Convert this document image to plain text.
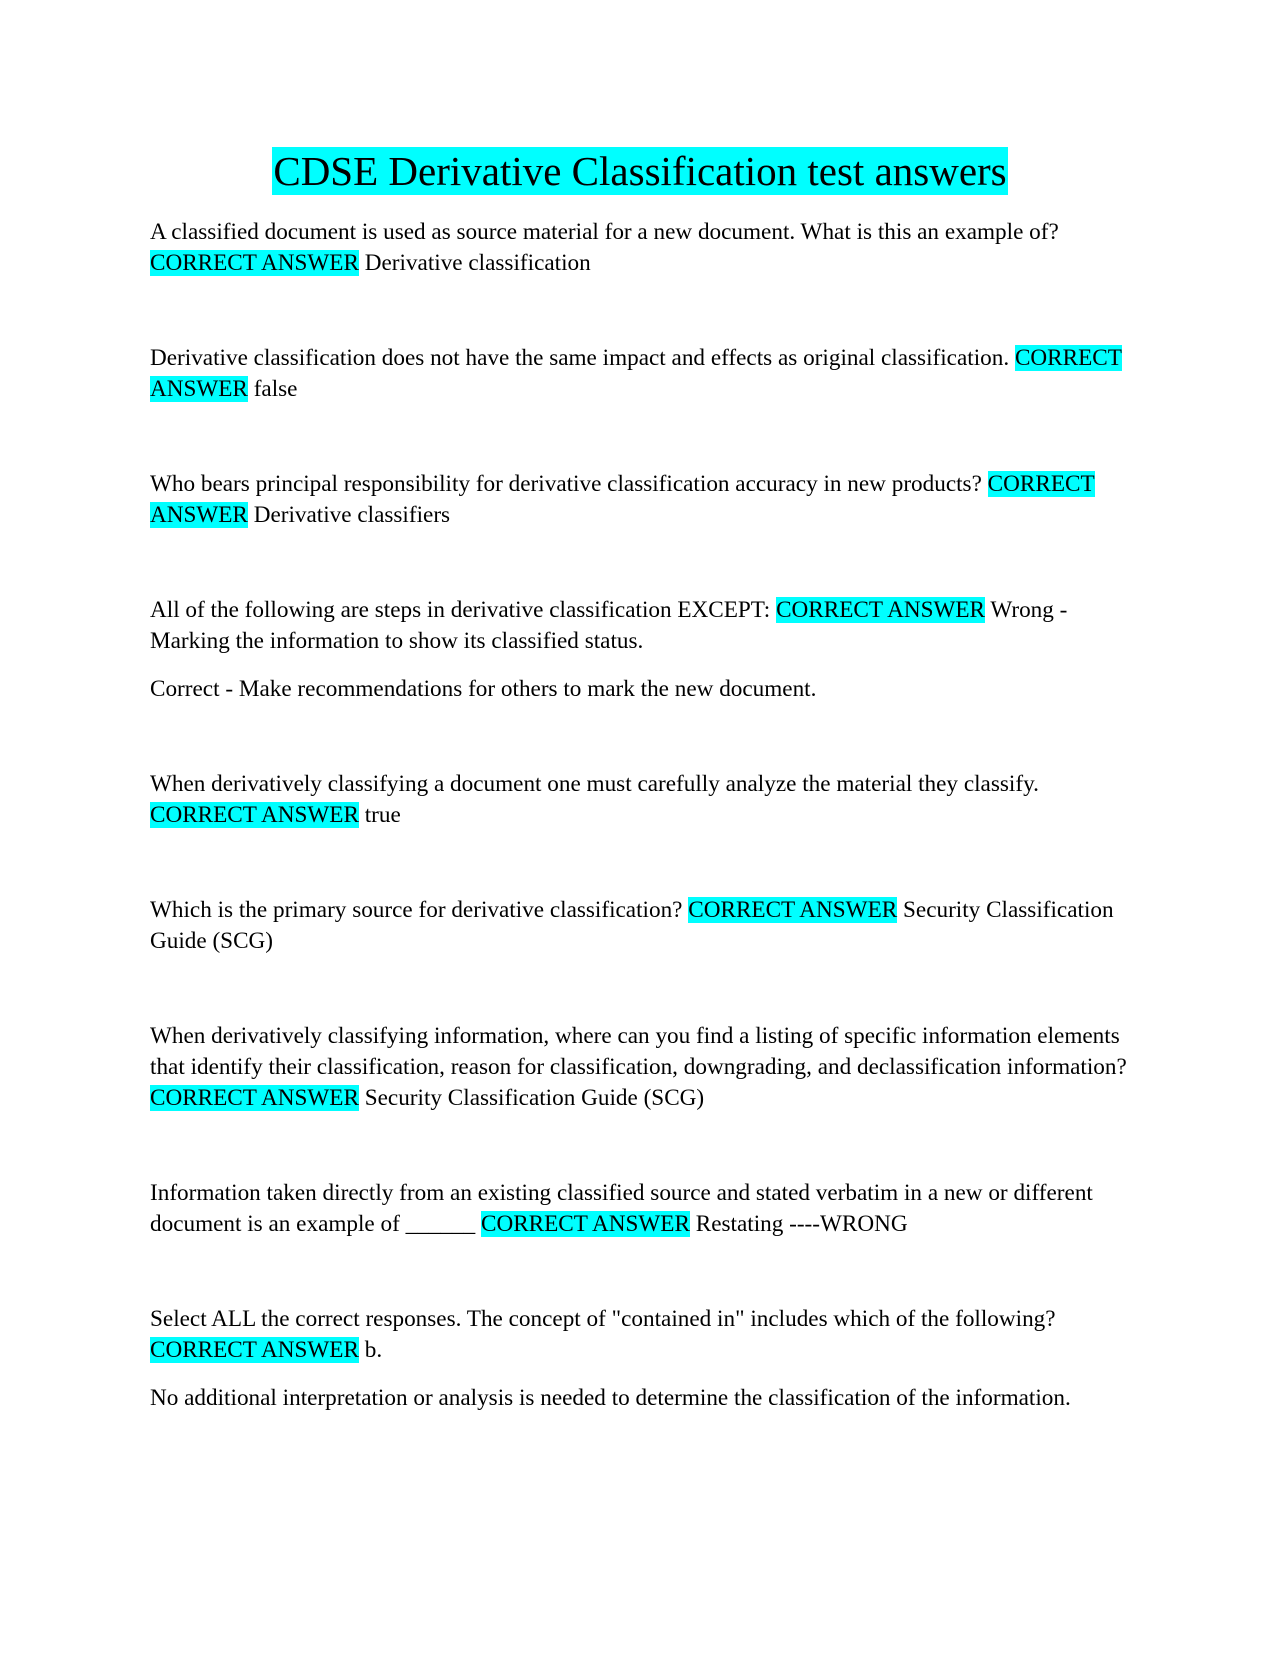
CDSE Derivative Classification test answers

A classified document is used as source material for a new document. What is this an example of? CORRECT ANSWER Derivative classification

Derivative classification does not have the same impact and effects as original classification. CORRECT ANSWER false

Who bears principal responsibility for derivative classification accuracy in new products? CORRECT ANSWER Derivative classifiers

All of the following are steps in derivative classification EXCEPT: CORRECT ANSWER Wrong - Marking the information to show its classified status.

Correct - Make recommendations for others to mark the new document.

When derivatively classifying a document one must carefully analyze the material they classify. CORRECT ANSWER true

Which is the primary source for derivative classification? CORRECT ANSWER Security Classification Guide (SCG)

When derivatively classifying information, where can you find a listing of specific information elements that identify their classification, reason for classification, downgrading, and declassification information? CORRECT ANSWER Security Classification Guide (SCG)

Information taken directly from an existing classified source and stated verbatim in a new or different document is an example of ______ CORRECT ANSWER Restating ----WRONG

Select ALL the correct responses. The concept of "contained in" includes which of the following? CORRECT ANSWER b.

No additional interpretation or analysis is needed to determine the classification of the information.
